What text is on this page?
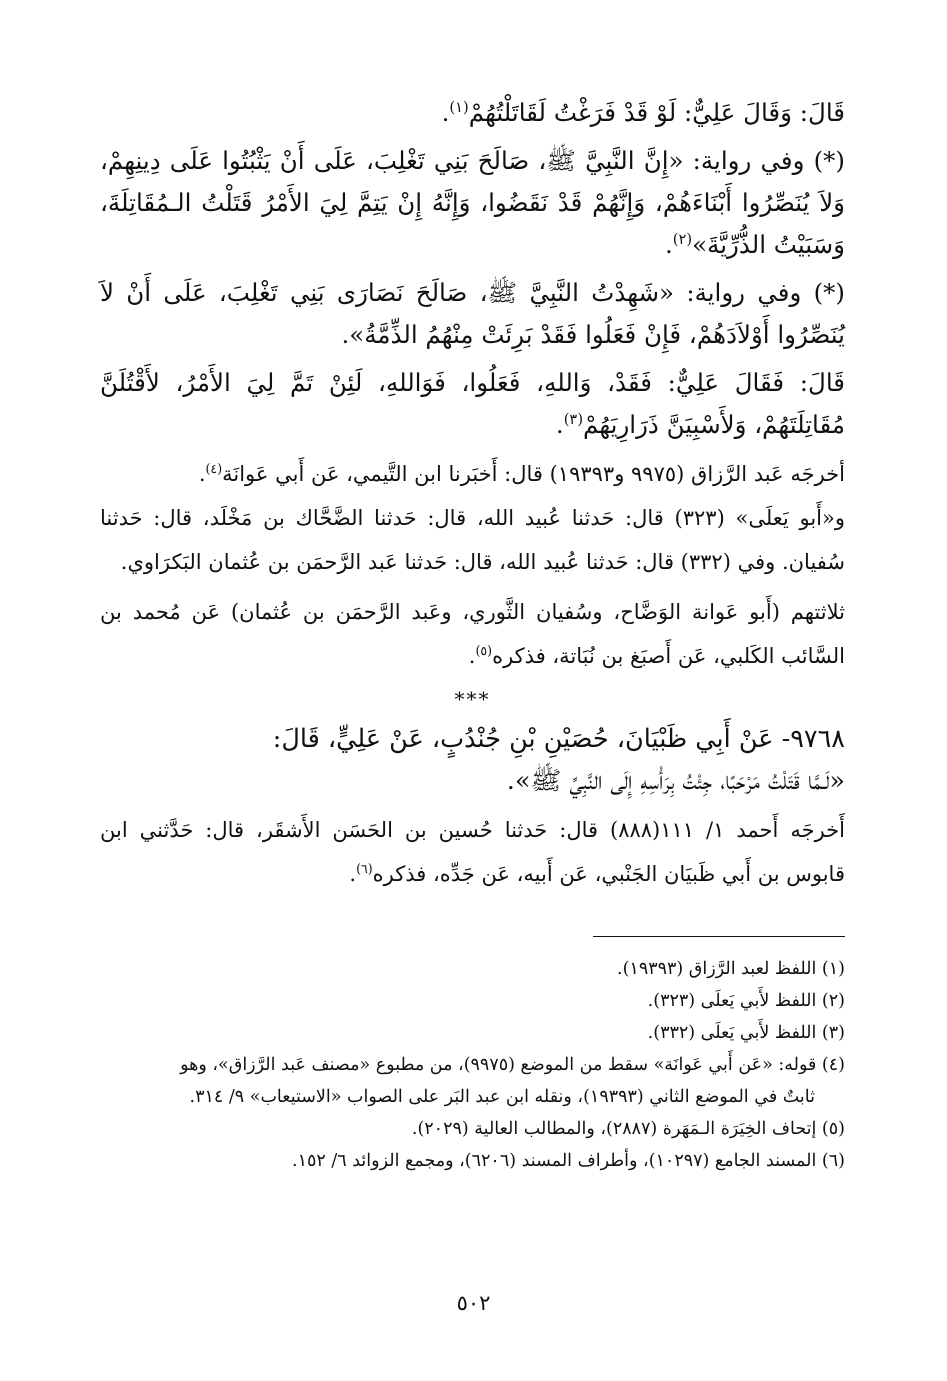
قَالَ: وَقَالَ عَلِيٌّ: لَوْ قَدْ فَرَغْتُ لَقَاتَلْتُهُمْ$^{(١)}$.

(*) وفي رواية: «إِنَّ النَّبِيَّ ﷺ، صَالَحَ بَنِي تَغْلِبَ، عَلَى أَنْ يَثْبُتُوا عَلَى دِينِهِمْ، وَلاَ يُنَصِّرُوا أَبْنَاءَهُمْ، وَإِنَّهُمْ قَدْ نَقَضُوا، وَإِنَّهُ إِنْ يَتِمَّ لِيَ الأَمْرُ قَتَلْتُ الـمُقَاتِلَةَ، وَسَبَيْتُ الذُّرِّيَّةَ»$^{(٢)}$.

(*) وفي رواية: «شَهِدْتُ النَّبِيَّ ﷺ، صَالَحَ نَصَارَى بَنِي تَغْلِبَ، عَلَى أَنْ لاَ يُنَصِّرُوا أَوْلاَدَهُمْ، فَإِنْ فَعَلُوا فَقَدْ بَرِئَتْ مِنْهُمُ الذِّمَّةُ».

قَالَ: فَقَالَ عَلِيٌّ: فَقَدْ، وَاللهِ، فَعَلُوا، فَوَاللهِ، لَئِنْ تَمَّ لِيَ الأَمْرُ، لأَقْتُلَنَّ مُقَاتِلَتَهُمْ، وَلأَسْبِيَنَّ ذَرَارِيَهُمْ$^{(٣)}$.

أخرجَه عَبد الرَّزاق (٩٩٧٥ و١٩٣٩٣) قال: أَخبَرنا ابن التَّيمي، عَن أَبي عَوانَة$^{(٤)}$.

و«أَبو يَعلَى» (٣٢٣) قال: حَدثنا عُبيد الله، قال: حَدثنا الضَّحَّاك بن مَخْلَد، قال: حَدثنا سُفيان. وفي (٣٣٢) قال: حَدثنا عُبيد الله، قال: حَدثنا عَبد الرَّحمَن بن عُثمان البَكرَاوي.

ثلاثتهم (أَبو عَوانة الوَضَّاح، وسُفيان الثَّوري، وعَبد الرَّحمَن بن عُثمان) عَن مُحمد بن السَّائب الكَلبي، عَن أَصبَغ بن نُبَاتة، فذكره$^{(٥)}$.

***

٩٧٦٨- عَنْ أَبِي ظَبْيَانَ، حُصَيْنِ بْنِ جُنْدُبٍ، عَنْ عَلِيٍّ، قَالَ:

«لَـمَّا قَتَلْتُ مَرْحَبًا، جِئْتُ بِرَأْسِهِ إِلَى النَّبِيِّ ﷺ».

أَخرجَه أَحمد ١/ ١١١(٨٨٨) قال: حَدثنا حُسين بن الحَسَن الأَشقَر، قال: حَدَّثني ابن قابوس بن أَبي ظَبيَان الجَنْبي، عَن أَبيه، عَن جَدِّه، فذكره$^{(٦)}$.

(١) اللفظ لعبد الرَّزاق (١٩٣٩٣).

(٢) اللفظ لأَبي يَعلَى (٣٢٣).

(٣) اللفظ لأَبي يَعلَى (٣٣٢).

(٤) قوله: «عَن أَبي عَوانَة» سقط من الموضع (٩٩٧٥)، من مطبوع «مصنف عَبد الرَّزاق»، وهو

ثابتٌ في الموضع الثاني (١٩٣٩٣)، ونقله ابن عبد البَر على الصواب «الاستيعاب» ٩/ ٣١٤.

(٥) إتحاف الخِيَرَة الـمَهَرة (٢٨٨٧)، والمطالب العالية (٢٠٢٩).

(٦) المسند الجامع (١٠٢٩٧)، وأطراف المسند (٦٢٠٦)، ومجمع الزوائد ٦/ ١٥٢.

٥٠٢
